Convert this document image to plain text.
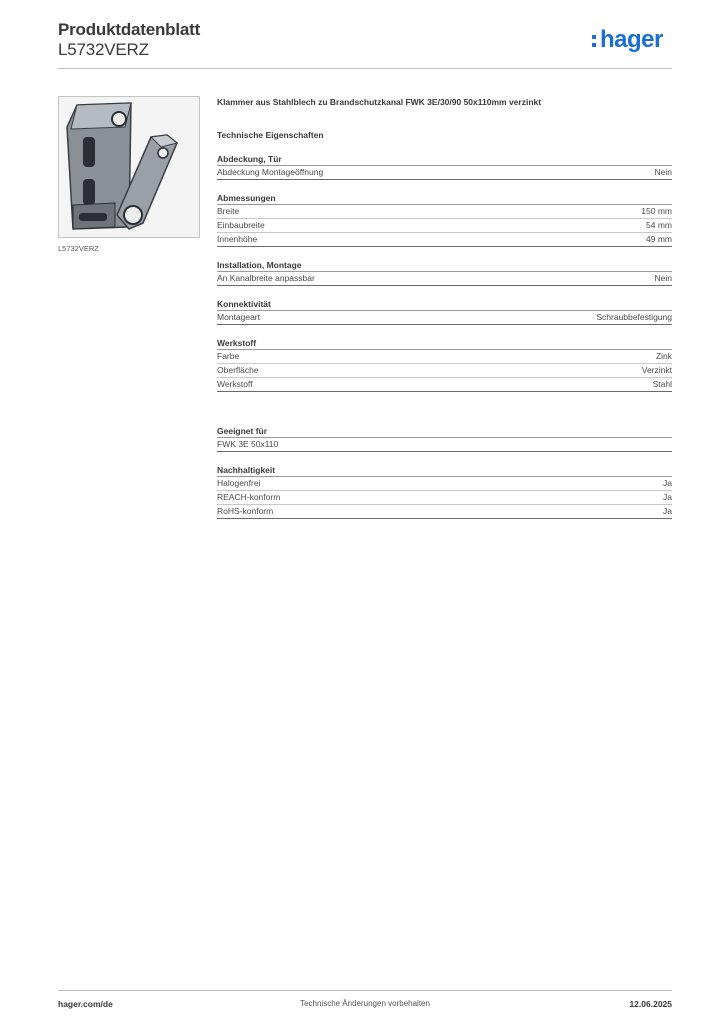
Produktdatenblatt
L5732VERZ	hager
L5732VERZ
Klammer aus Stahlblech zu Brandschutzkanal FWK 3E/30/90 50x110mm verzinkt
Technische Eigenschaften
Abdeckung, Tür
Abdeckung Montageöffnung	Nein
Abmessungen
Breite	150 mm
Einbaubreite	54 mm
Innenhöhe	49 mm
Installation, Montage
An Kanalbreite anpassbar	Nein
Konnektivität
Montageart	Schraubbefestigung
Werkstoff
Farbe	Zink
Oberfläche	Verzinkt
Werkstoff	Stahl
Geeignet für
FWK 3E 50x110
Nachhaltigkeit
Halogenfrei	Ja
REACH-konform	Ja
RoHS-konform	Ja
hager.com/de	Technische Änderungen vorbehalten	12.06.2025
